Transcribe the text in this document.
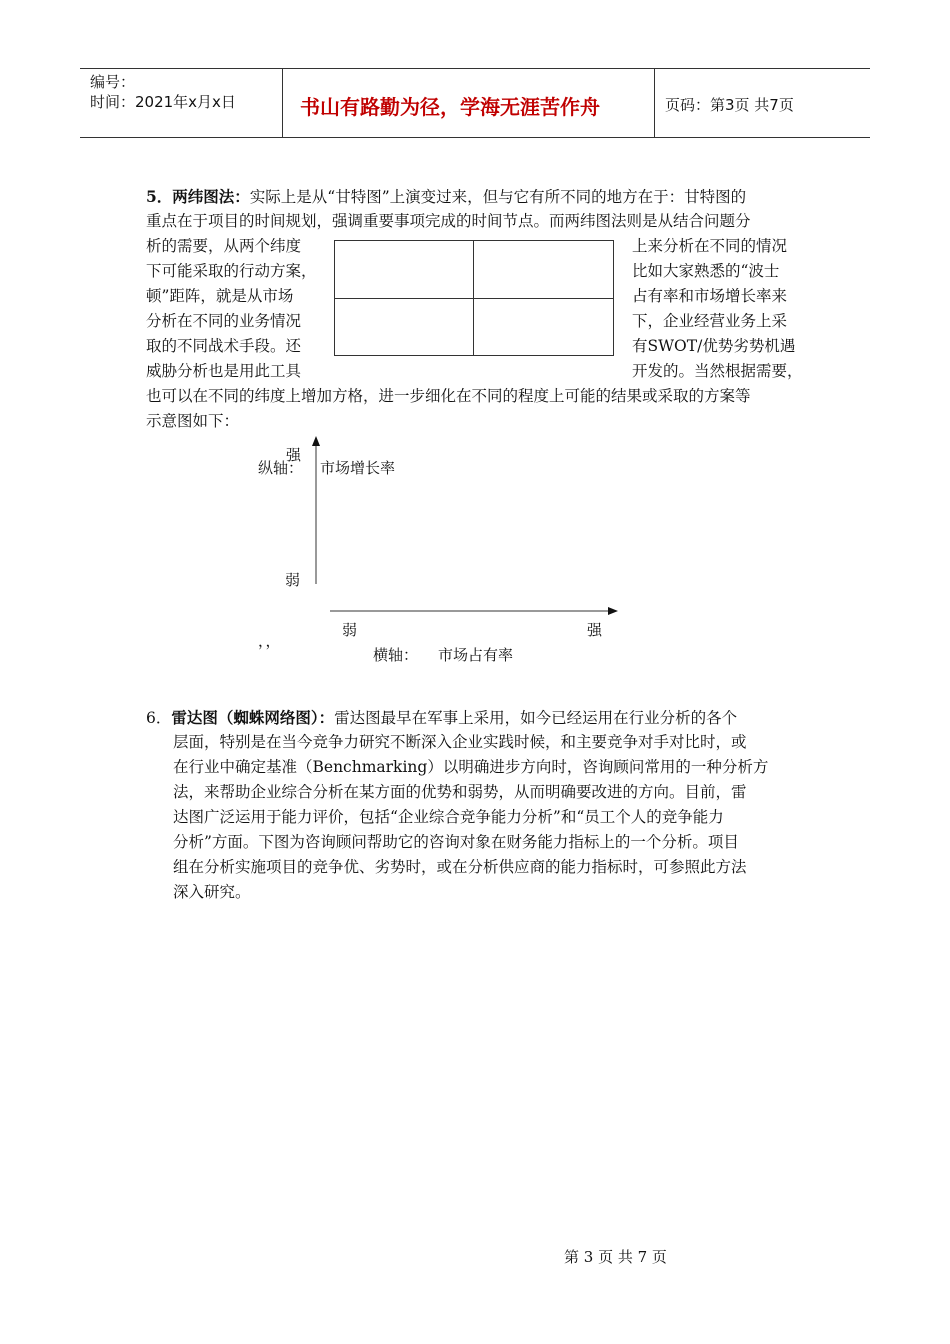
编号：
时间：2021年x月x日	书山有路勤为径，学海无涯苦作舟	页码：第3页 共7页
5．两纬图法：实际上是从“甘特图”上演变过来，但与它有所不同的地方在于：甘特图的
重点在于项目的时间规划，强调重要事项完成的时间节点。而两纬图法则是从结合问题分
析的需要，从两个纬度
下可能采取的行动方案，
顿”距阵，就是从市场
分析在不同的业务情况
取的不同战术手段。还
威胁分析也是用此工具
上来分析在不同的情况
比如大家熟悉的“波士
占有率和市场增长率来
下，企业经营业务上采
有SWOT/优势劣势机遇
开发的。当然根据需要，
也可以在不同的纬度上增加方格，进一步细化在不同的程度上可能的结果或采取的方案等
示意图如下：
强
纵轴： 市场增长率
弱
弱	强
，，
横轴： 市场占有率
6．雷达图（蜘蛛网络图）：雷达图最早在军事上采用，如今已经运用在行业分析的各个
层面，特别是在当今竞争力研究不断深入企业实践时候，和主要竞争对手对比时，或
在行业中确定基准（Benchmarking）以明确进步方向时，咨询顾问常用的一种分析方
法，来帮助企业综合分析在某方面的优势和弱势，从而明确要改进的方向。目前，雷
达图广泛运用于能力评价，包括“企业综合竞争能力分析”和“员工个人的竞争能力
分析”方面。下图为咨询顾问帮助它的咨询对象在财务能力指标上的一个分析。项目
组在分析实施项目的竞争优、劣势时，或在分析供应商的能力指标时，可参照此方法
深入研究。
第 3 页 共 7 页
